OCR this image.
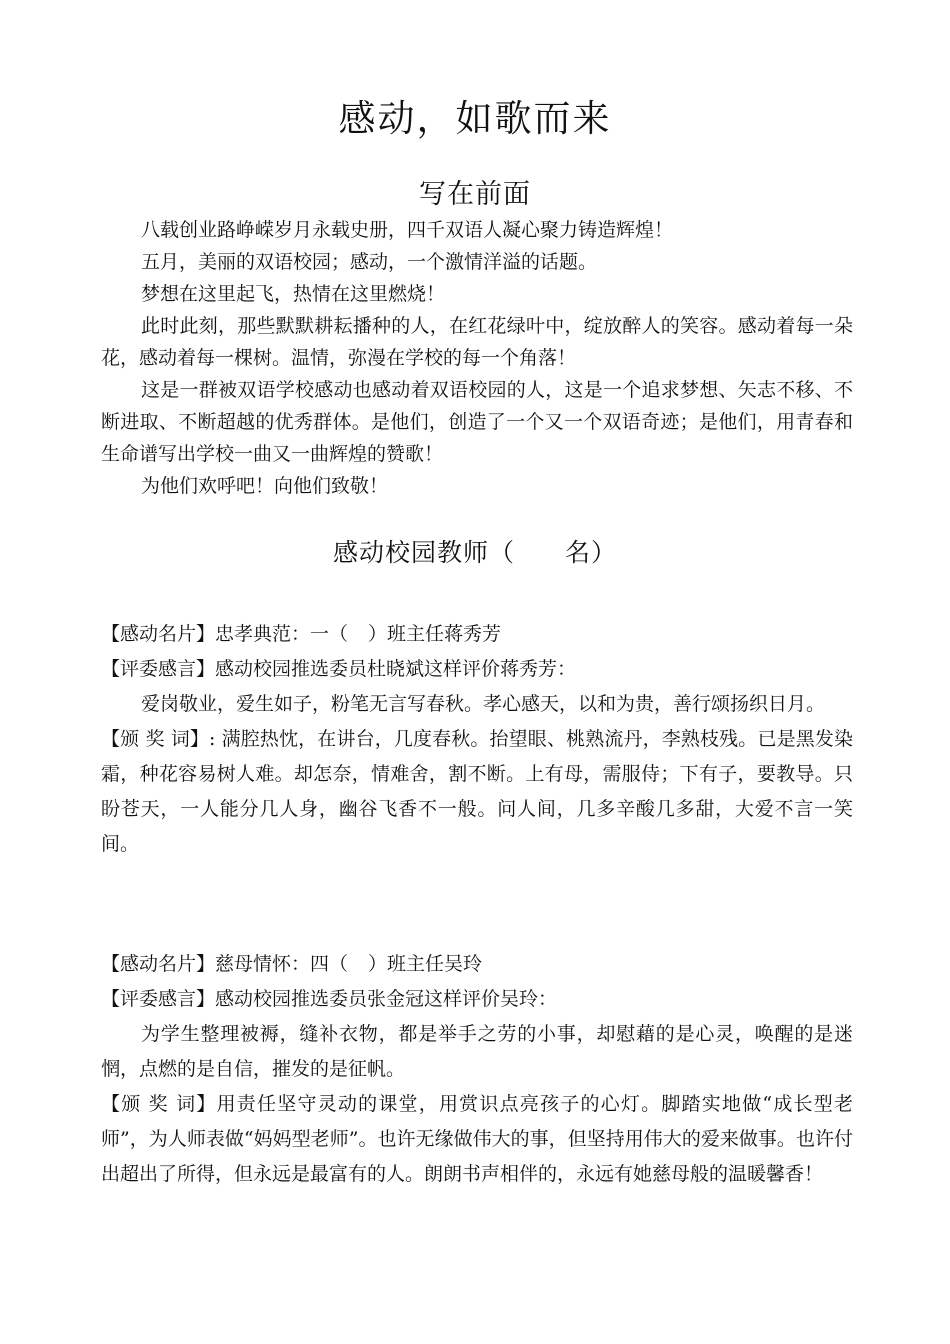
感动，如歌而来
写在前面

八载创业路峥嵘岁月永载史册，四千双语人凝心聚力铸造辉煌！

五月，美丽的双语校园；感动，一个激情洋溢的话题。

梦想在这里起飞，热情在这里燃烧！

此时此刻，那些默默耕耘播种的人，在红花绿叶中，绽放醉人的笑容。感动着每一朵花，感动着每一棵树。温情，弥漫在学校的每一个角落！

这是一群被双语学校感动也感动着双语校园的人，这是一个追求梦想、矢志不移、不断进取、不断超越的优秀群体。是他们，创造了一个又一个双语奇迹；是他们，用青春和生命谱写出学校一曲又一曲辉煌的赞歌！

为他们欢呼吧！向他们致敬！

感动校园教师（ 名）

【感动名片】忠孝典范：一（ ）班主任蒋秀芳

【评委感言】感动校园推选委员杜晓斌这样评价蒋秀芳：

爱岗敬业，爱生如子，粉笔无言写春秋。孝心感天，以和为贵，善行颂扬织日月。

【颁 奖 词】: 满腔热忱，在讲台，几度春秋。抬望眼、桃熟流丹，李熟枝残。已是黑发染霜，种花容易树人难。却怎奈，情难舍，割不断。上有母，需服侍；下有子，要教导。只盼苍天，一人能分几人身，幽谷飞香不一般。问人间，几多辛酸几多甜，大爱不言一笑间。

【感动名片】慈母情怀：四（ ）班主任吴玲

【评委感言】感动校园推选委员张金冠这样评价吴玲：

为学生整理被褥，缝补衣物，都是举手之劳的小事，却慰藉的是心灵，唤醒的是迷惘，点燃的是自信，摧发的是征帆。

【颁 奖 词】用责任坚守灵动的课堂，用赏识点亮孩子的心灯。脚踏实地做“成长型老师”，为人师表做“妈妈型老师”。也许无缘做伟大的事，但坚持用伟大的爱来做事。也许付出超出了所得，但永远是最富有的人。朗朗书声相伴的，永远有她慈母般的温暖馨香！
